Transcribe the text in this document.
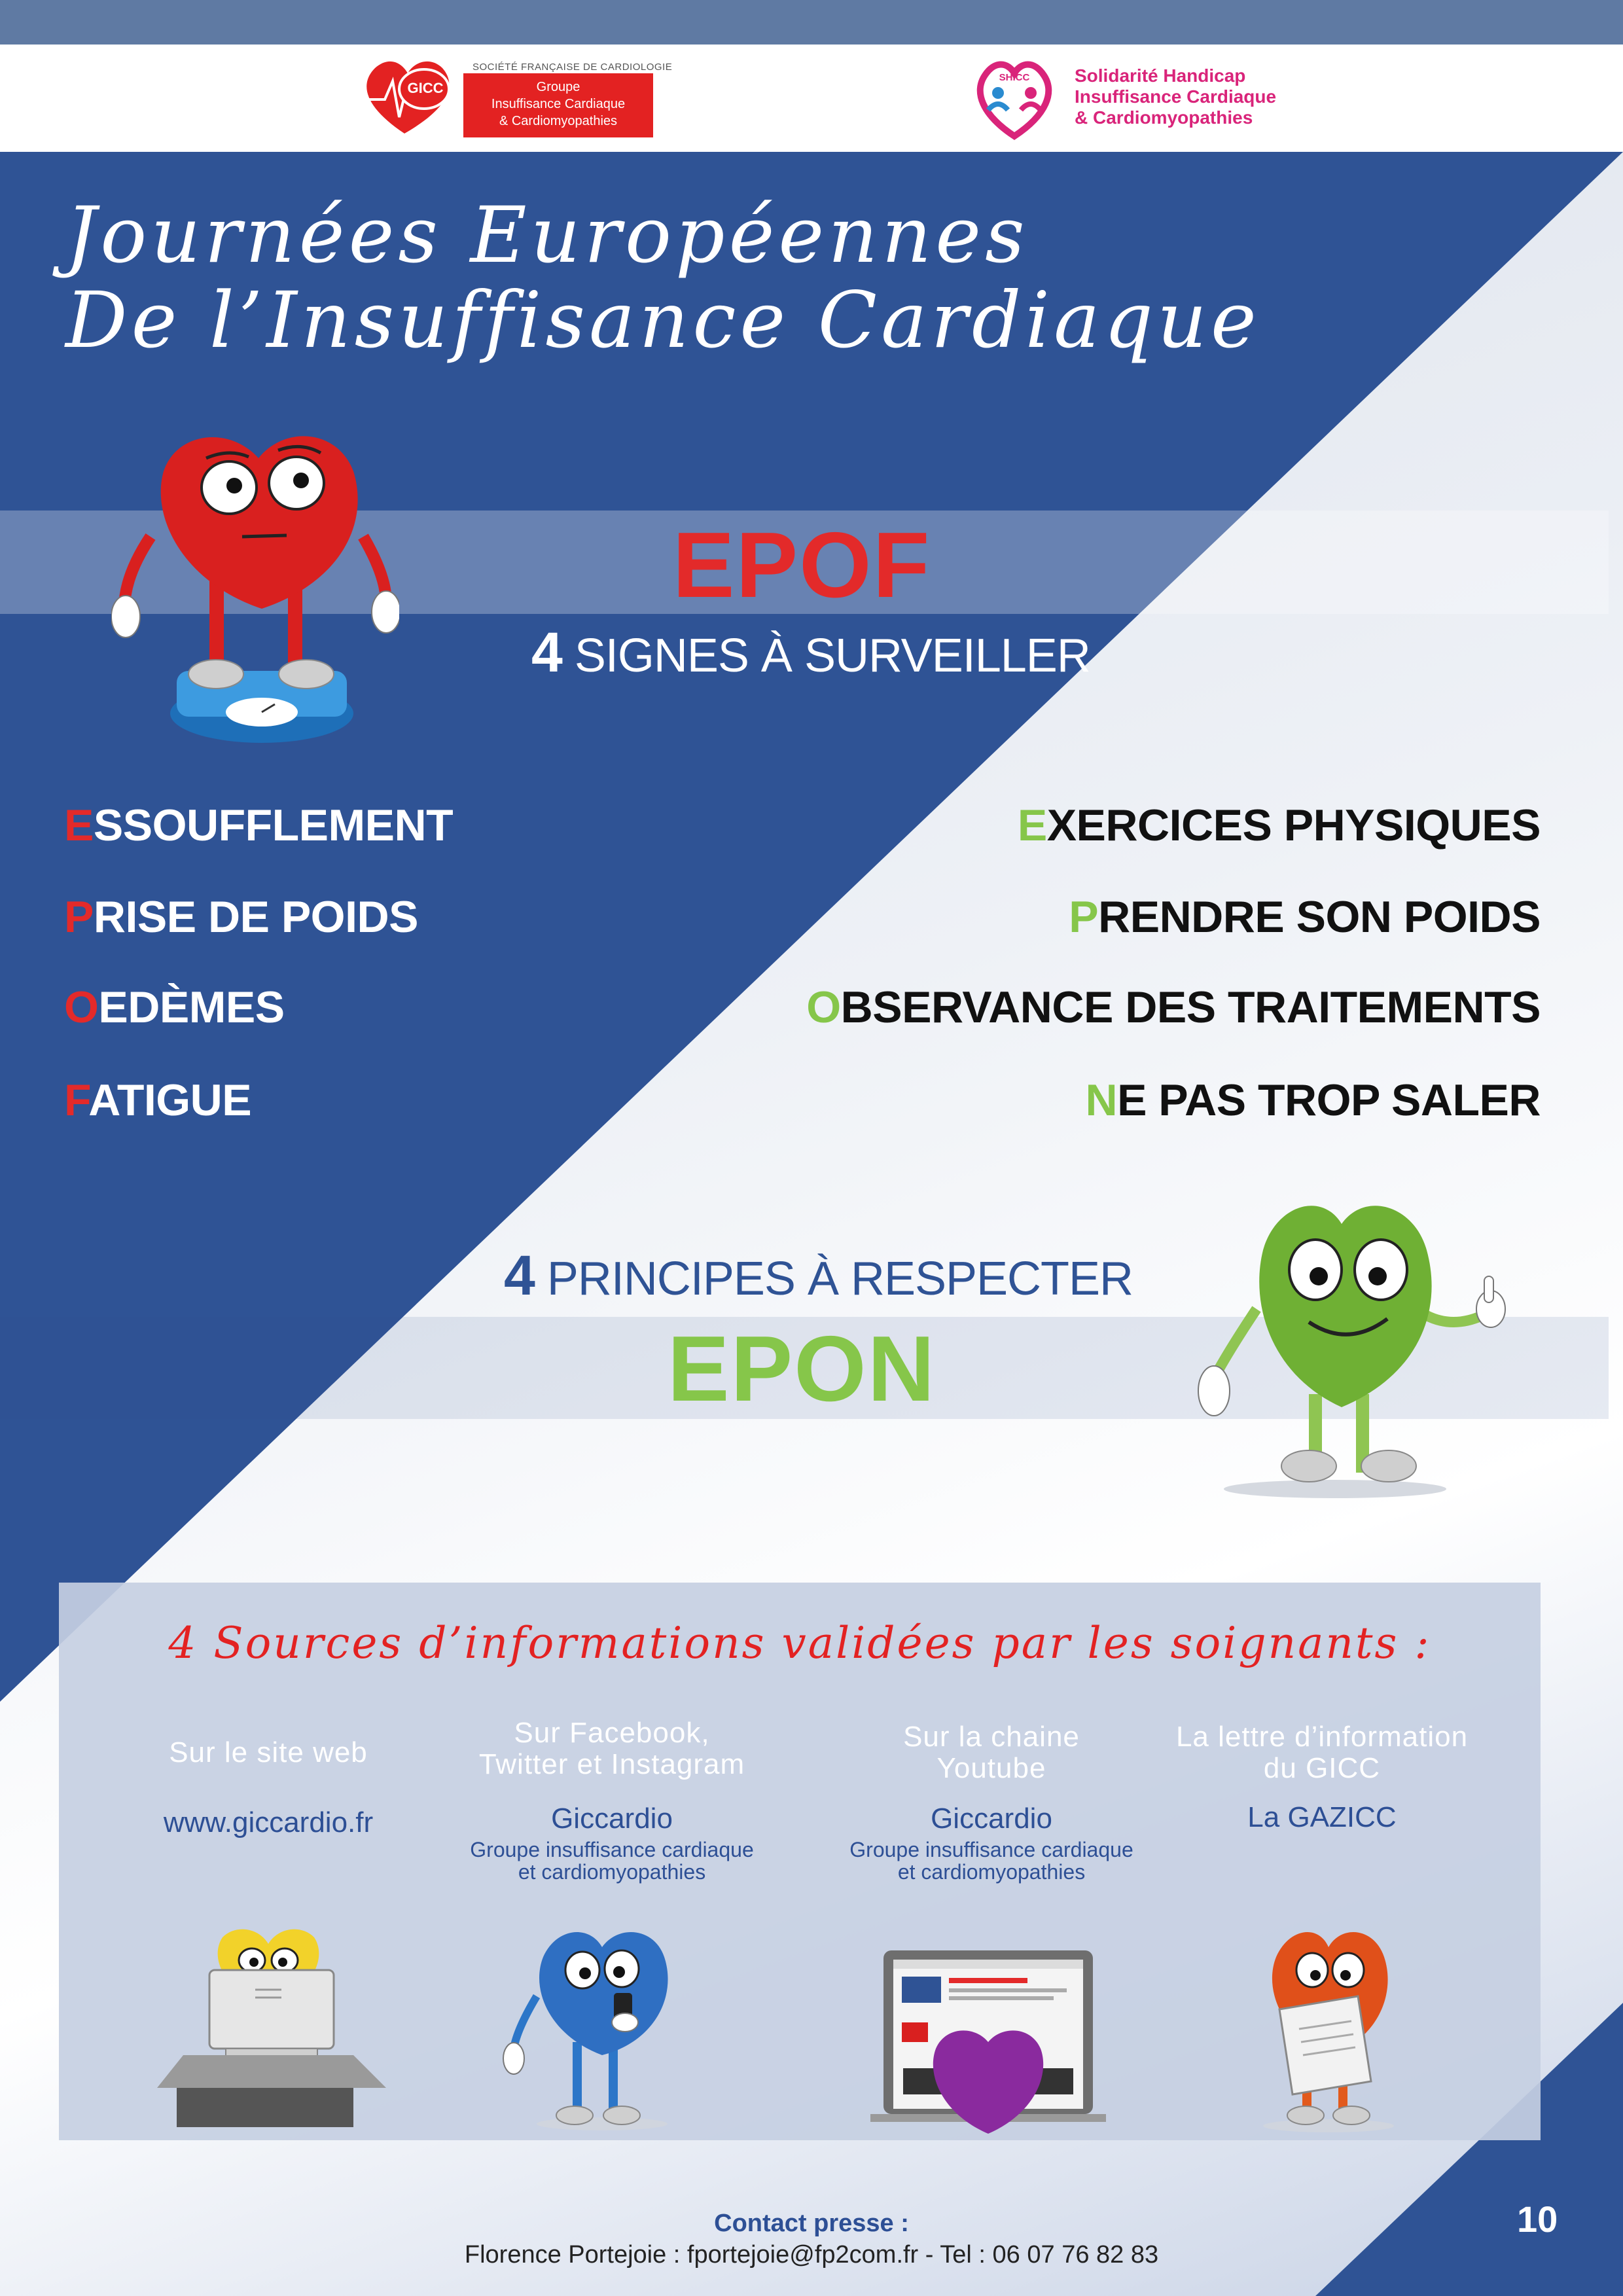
GICC
SOCIÉTÉ FRANÇAISE DE CARDIOLOGIE
Groupe
Insuffisance Cardiaque
& Cardiomyopathies
SHICC Solidarité Handicap
Insuffisance Cardiaque
& Cardiomyopathies
Journées Européennes
De l’Insuffisance Cardiaque
EPOF
4 SIGNES À SURVEILLER
ESSOUFFLEMENT
PRISE DE POIDS
OEDÈMES
FATIGUE
EXERCICES PHYSIQUES
PRENDRE SON POIDS
OBSERVANCE DES TRAITEMENTS
NE PAS TROP SALER
4 PRINCIPES À RESPECTER
EPON
4 Sources d’informations validées par les soignants :
Sur le site web
www.giccardio.fr
Sur Facebook,
Twitter et Instagram
Giccardio
Groupe insuffisance cardiaque
et cardiomyopathies
Sur la chaine
Youtube
Giccardio
Groupe insuffisance cardiaque
et cardiomyopathies
La lettre d’information
du GICC
La GAZICC
Contact presse :
Florence Portejoie : fportejoie@fp2com.fr - Tel : 06 07 76 82 83
10
